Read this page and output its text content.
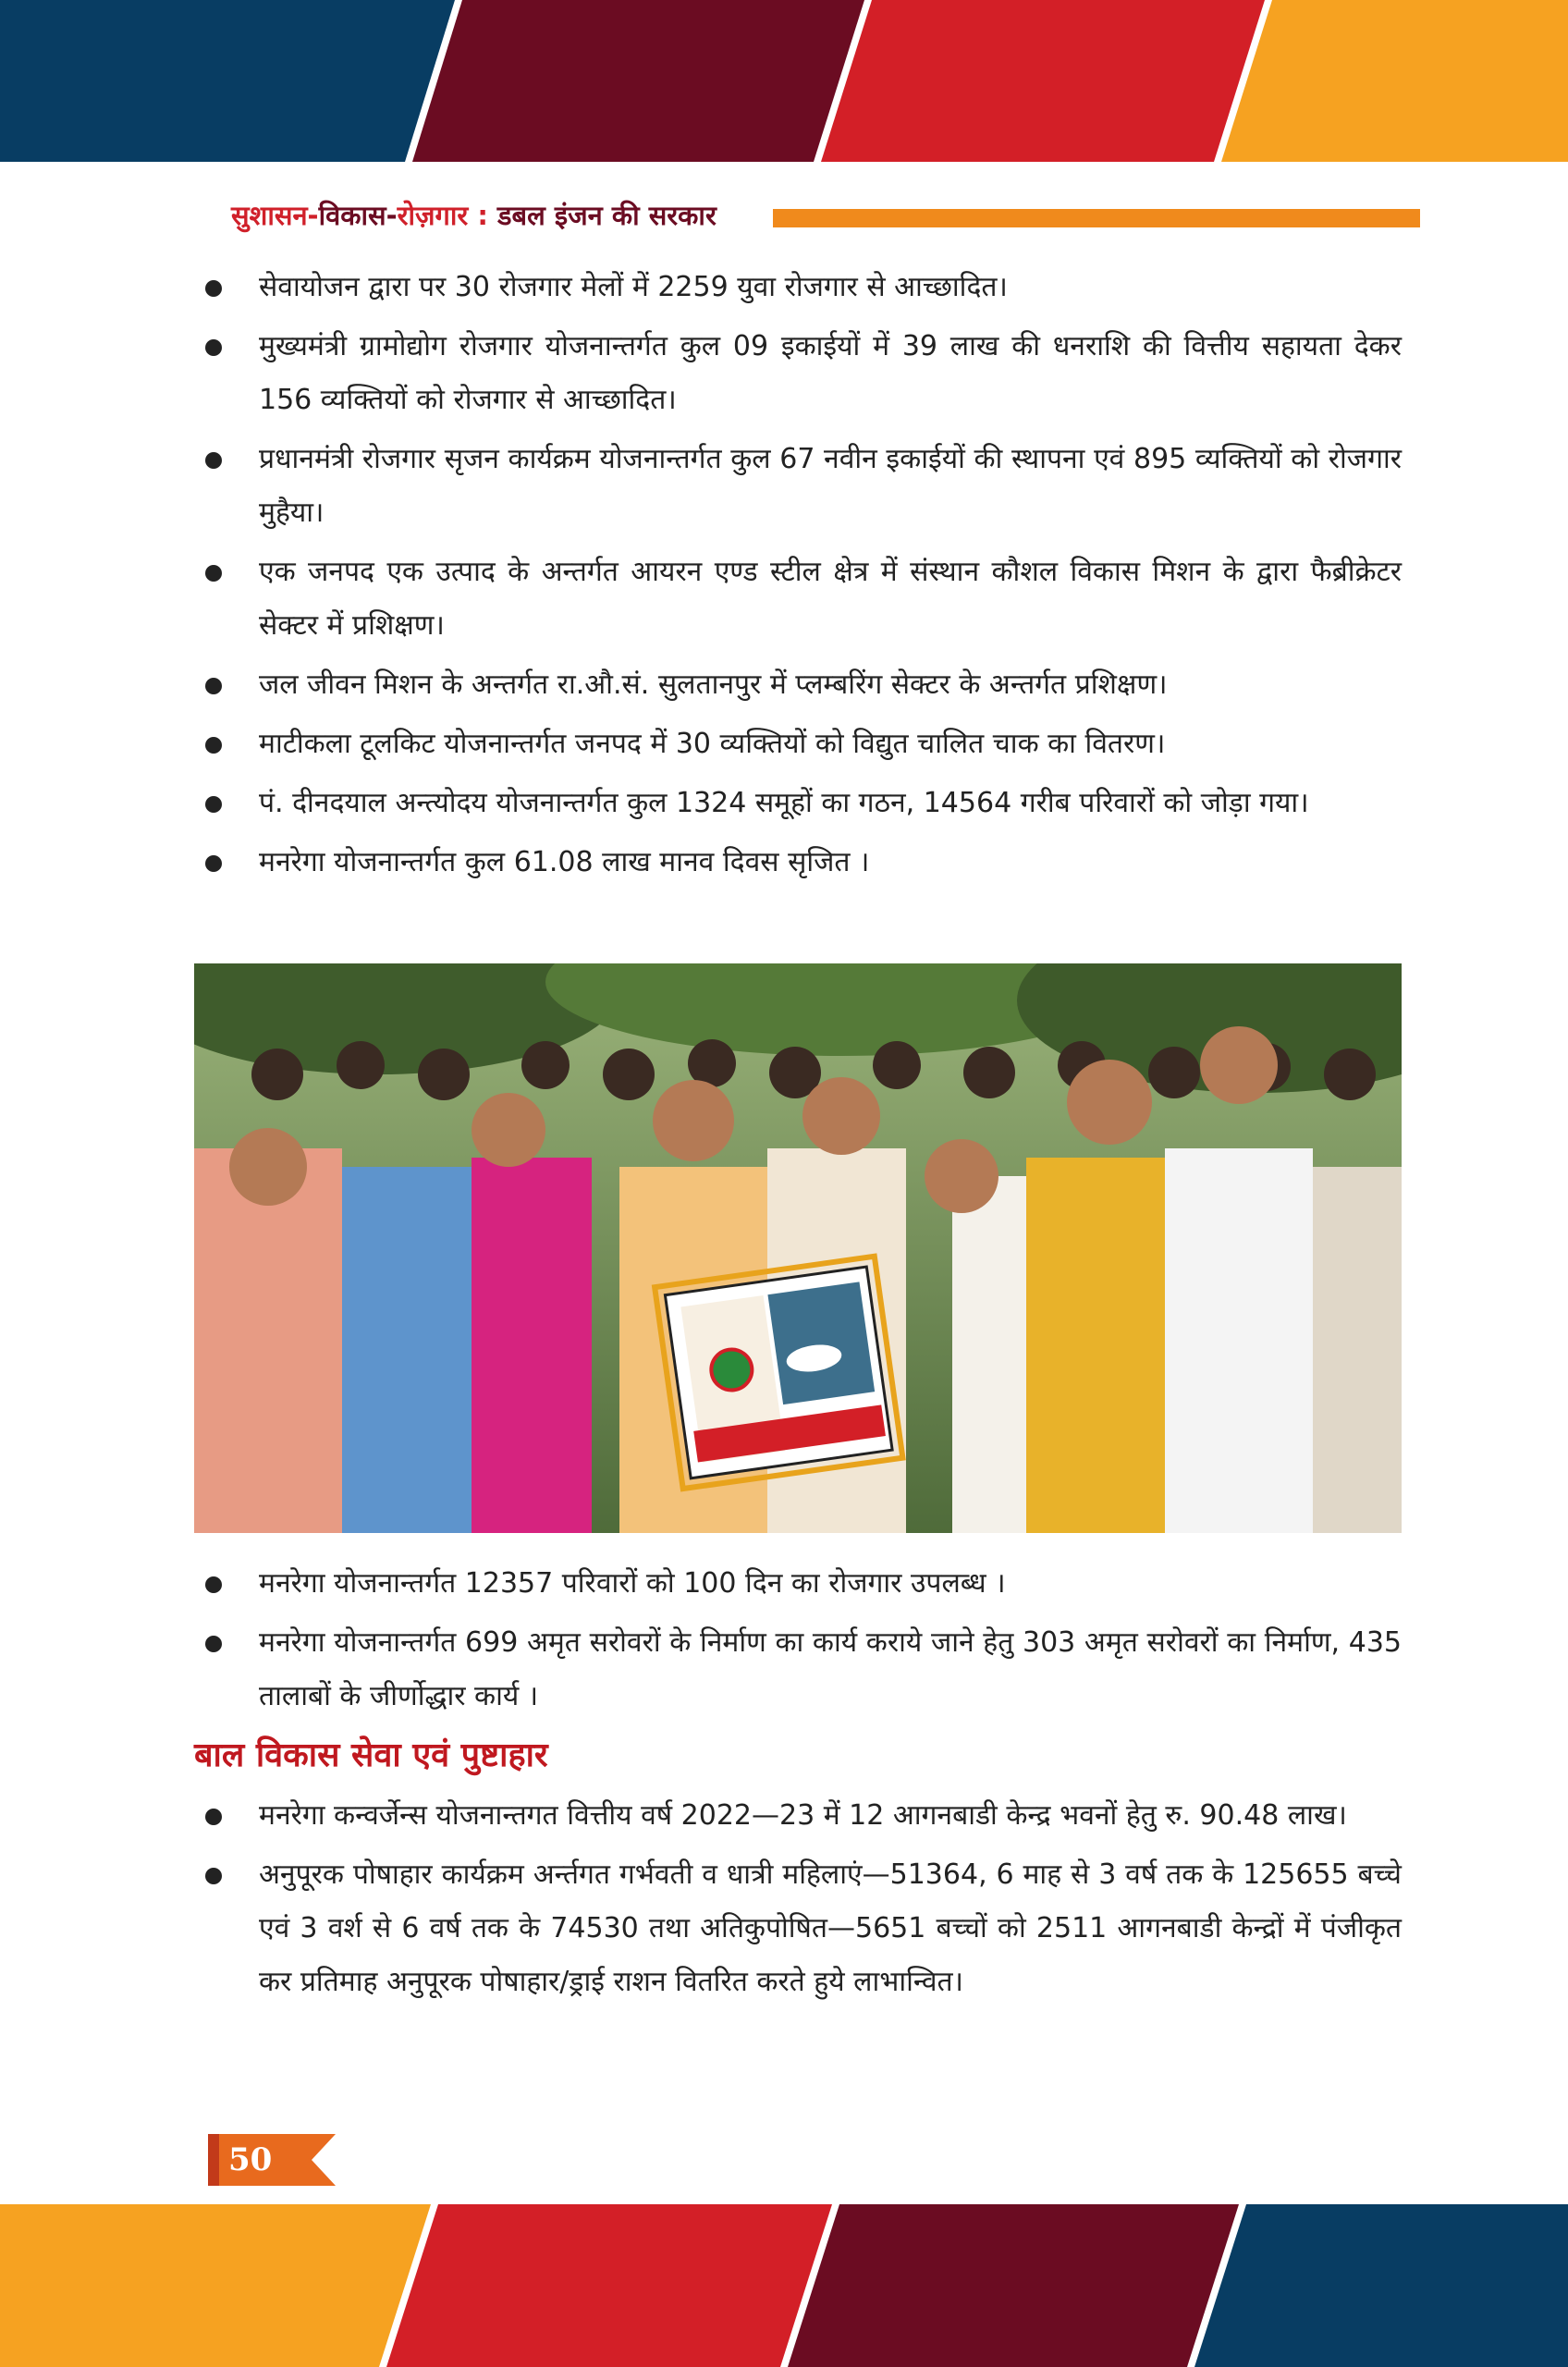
सुशासन-विकास-रोज़गार : डबल इंजन की सरकार
सेवायोजन द्वारा पर 30 रोजगार मेलों में 2259 युवा रोजगार से आच्छादित।
मुख्यमंत्री ग्रामोद्योग रोजगार योजनान्तर्गत कुल 09 इकाईयों में 39 लाख की धनराशि की वित्तीय सहायता देकर 156 व्यक्तियों को रोजगार से आच्छादित।
प्रधानमंत्री रोजगार सृजन कार्यक्रम योजनान्तर्गत कुल 67 नवीन इकाईयों की स्थापना एवं 895 व्यक्तियों को रोजगार मुहैया।
एक जनपद एक उत्पाद के अन्तर्गत आयरन एण्ड स्टील क्षेत्र में संस्थान कौशल विकास मिशन के द्वारा फैब्रीक्रेटर सेक्टर में प्रशिक्षण।
जल जीवन मिशन के अन्तर्गत रा.औ.सं. सुलतानपुर में प्लम्बरिंग सेक्टर के अन्तर्गत प्रशिक्षण।
माटीकला टूलकिट योजनान्तर्गत जनपद में 30 व्यक्तियों को विद्युत चालित चाक का वितरण।
पं. दीनदयाल अन्त्योदय योजनान्तर्गत कुल 1324 समूहों का गठन, 14564 गरीब परिवारों को जोड़ा गया।
मनरेगा योजनान्तर्गत कुल 61.08 लाख मानव दिवस सृजित ।
मनरेगा योजनान्तर्गत 12357 परिवारों को 100 दिन का रोजगार उपलब्ध ।
मनरेगा योजनान्तर्गत 699 अमृत सरोवरों के निर्माण का कार्य कराये जाने हेतु 303 अमृत सरोवरों का निर्माण, 435 तालाबों के जीर्णोद्धार कार्य ।
बाल विकास सेवा एवं पुष्टाहार
मनरेगा कन्वर्जेन्स योजनान्तगत वित्तीय वर्ष 2022—23 में 12 आगनबाडी केन्द्र भवनों हेतु रु. 90.48 लाख।
अनुपूरक पोषाहार कार्यक्रम अर्न्तगत गर्भवती व धात्री महिलाएं—51364, 6 माह से 3 वर्ष तक के 125655 बच्चे एवं 3 वर्श से 6 वर्ष तक के 74530 तथा अतिकुपोषित—5651 बच्चों को 2511 आगनबाडी केन्द्रों में पंजीकृत कर प्रतिमाह अनुपूरक पोषाहार/ड्राई राशन वितरित करते हुये लाभान्वित।
50
